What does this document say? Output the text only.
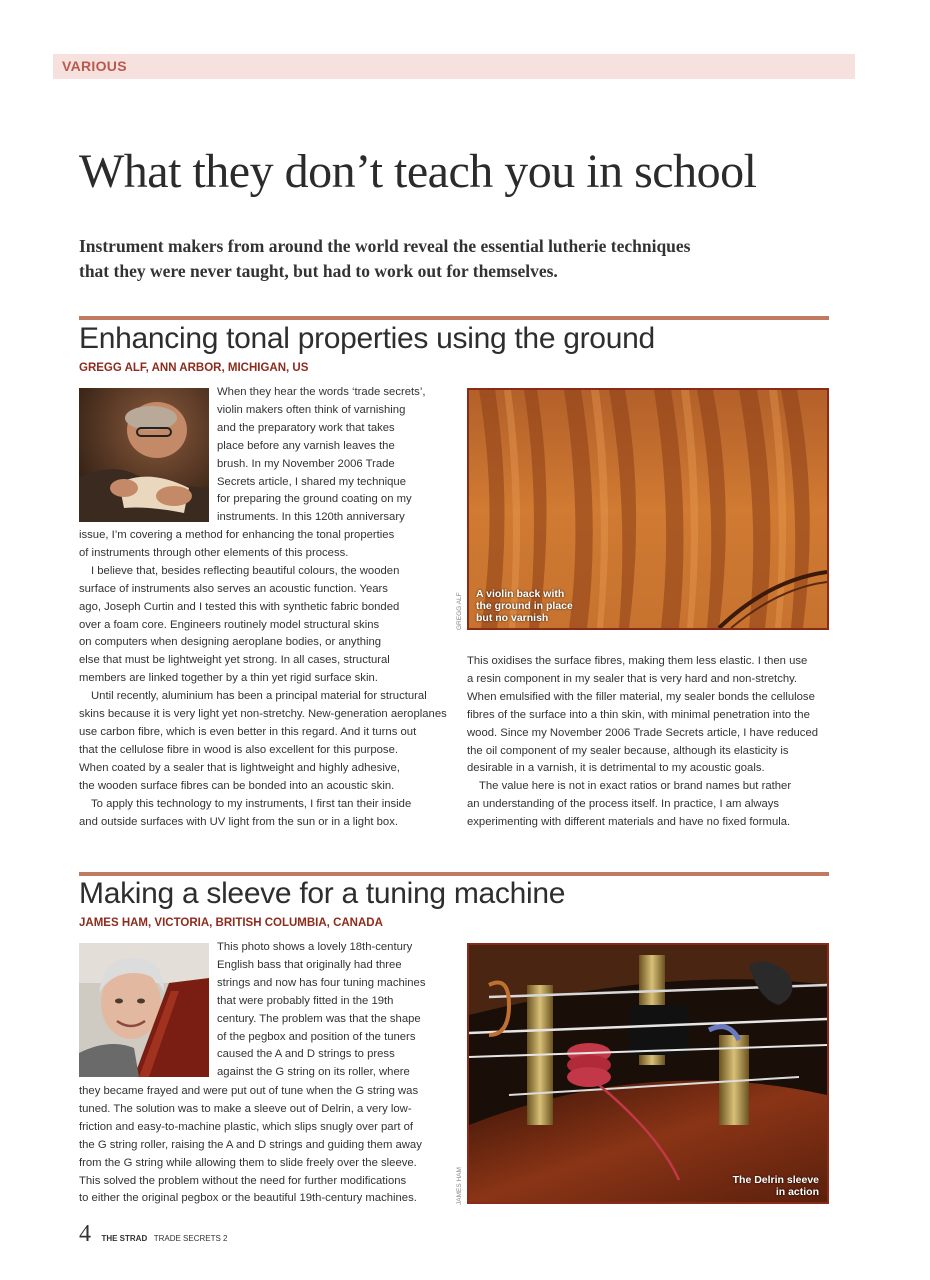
VARIOUS
What they don’t teach you in school
Instrument makers from around the world reveal the essential lutherie techniques
that they were never taught, but had to work out for themselves.
Enhancing tonal properties using the ground
GREGG ALF, ANN ARBOR, MICHIGAN, US
When they hear the words ‘trade secrets’,
violin makers often think of varnishing
and the preparatory work that takes
place before any varnish leaves the
brush. In my November 2006 Trade
Secrets article, I shared my technique
for preparing the ground coating on my
instruments. In this 120th anniversary
issue, I’m covering a method for enhancing the tonal properties
of instruments through other elements of this process.
I believe that, besides reflecting beautiful colours, the wooden
surface of instruments also serves an acoustic function. Years
ago, Joseph Curtin and I tested this with synthetic fabric bonded
over a foam core. Engineers routinely model structural skins
on computers when designing aeroplane bodies, or anything
else that must be lightweight yet strong. In all cases, structural
members are linked together by a thin yet rigid surface skin.
Until recently, aluminium has been a principal material for structural
skins because it is very light yet non-stretchy. New-generation aeroplanes
use carbon fibre, which is even better in this regard. And it turns out
that the cellulose fibre in wood is also excellent for this purpose.
When coated by a sealer that is lightweight and highly adhesive,
the wooden surface fibres can be bonded into an acoustic skin.
To apply this technology to my instruments, I first tan their inside
and outside surfaces with UV light from the sun or in a light box.
A violin back with
the ground in place
but no varnish
GREGG ALF
This oxidises the surface fibres, making them less elastic. I then use
a resin component in my sealer that is very hard and non-stretchy.
When emulsified with the filler material, my sealer bonds the cellulose
fibres of the surface into a thin skin, with minimal penetration into the
wood. Since my November 2006 Trade Secrets article, I have reduced
the oil component of my sealer because, although its elasticity is
desirable in a varnish, it is detrimental to my acoustic goals.
The value here is not in exact ratios or brand names but rather
an understanding of the process itself. In practice, I am always
experimenting with different materials and have no fixed formula.
Making a sleeve for a tuning machine
JAMES HAM, VICTORIA, BRITISH COLUMBIA, CANADA
This photo shows a lovely 18th-century
English bass that originally had three
strings and now has four tuning machines
that were probably fitted in the 19th
century. The problem was that the shape
of the pegbox and position of the tuners
caused the A and D strings to press
against the G string on its roller, where
they became frayed and were put out of tune when the G string was
tuned. The solution was to make a sleeve out of Delrin, a very low-
friction and easy-to-machine plastic, which slips snugly over part of
the G string roller, raising the A and D strings and guiding them away
from the G string while allowing them to slide freely over the sleeve.
This solved the problem without the need for further modifications
to either the original pegbox or the beautiful 19th-century machines.
The Delrin sleeve
in action
JAMES HAM
4 THE STRAD TRADE SECRETS 2
